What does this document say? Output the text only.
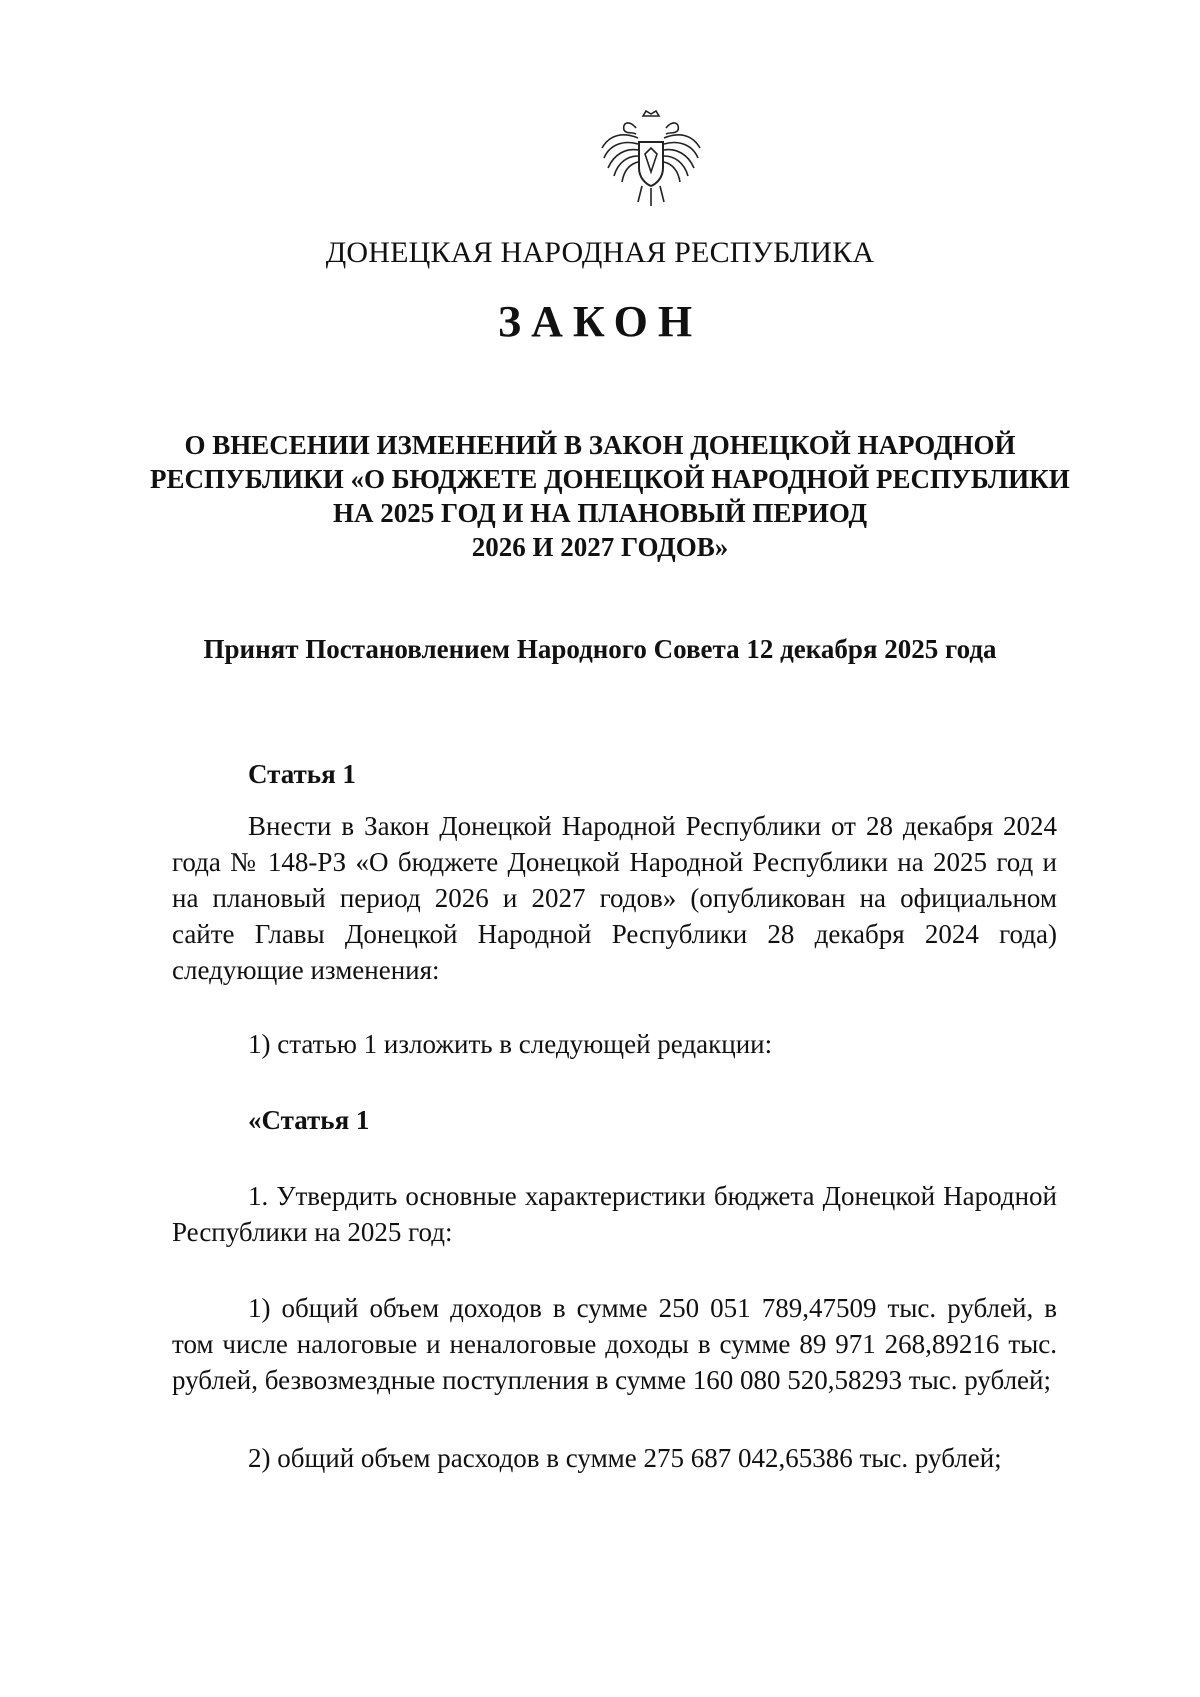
ДОНЕЦКАЯ НАРОДНАЯ РЕСПУБЛИКА
ЗАКОН
О ВНЕСЕНИИ ИЗМЕНЕНИЙ В ЗАКОН ДОНЕЦКОЙ НАРОДНОЙ
РЕСПУБЛИКИ «О БЮДЖЕТЕ ДОНЕЦКОЙ НАРОДНОЙ РЕСПУБЛИКИ
НА 2025 ГОД И НА ПЛАНОВЫЙ ПЕРИОД
2026 И 2027 ГОДОВ»
Принят Постановлением Народного Совета 12 декабря 2025 года
Статья 1
Внести в Закон Донецкой Народной Республики от 28 декабря 2024 года № 148-РЗ «О бюджете Донецкой Народной Республики на 2025 год и на плановый период 2026 и 2027 годов» (опубликован на официальном сайте Главы Донецкой Народной Республики 28 декабря 2024 года) следующие изменения:
1) статью 1 изложить в следующей редакции:
«Статья 1
1. Утвердить основные характеристики бюджета Донецкой Народной Республики на 2025 год:
1) общий объем доходов в сумме 250 051 789,47509 тыс. рублей, в том числе налоговые и неналоговые доходы в сумме 89 971 268,89216 тыс. рублей, безвозмездные поступления в сумме 160 080 520,58293 тыс. рублей;
2) общий объем расходов в сумме 275 687 042,65386 тыс. рублей;
